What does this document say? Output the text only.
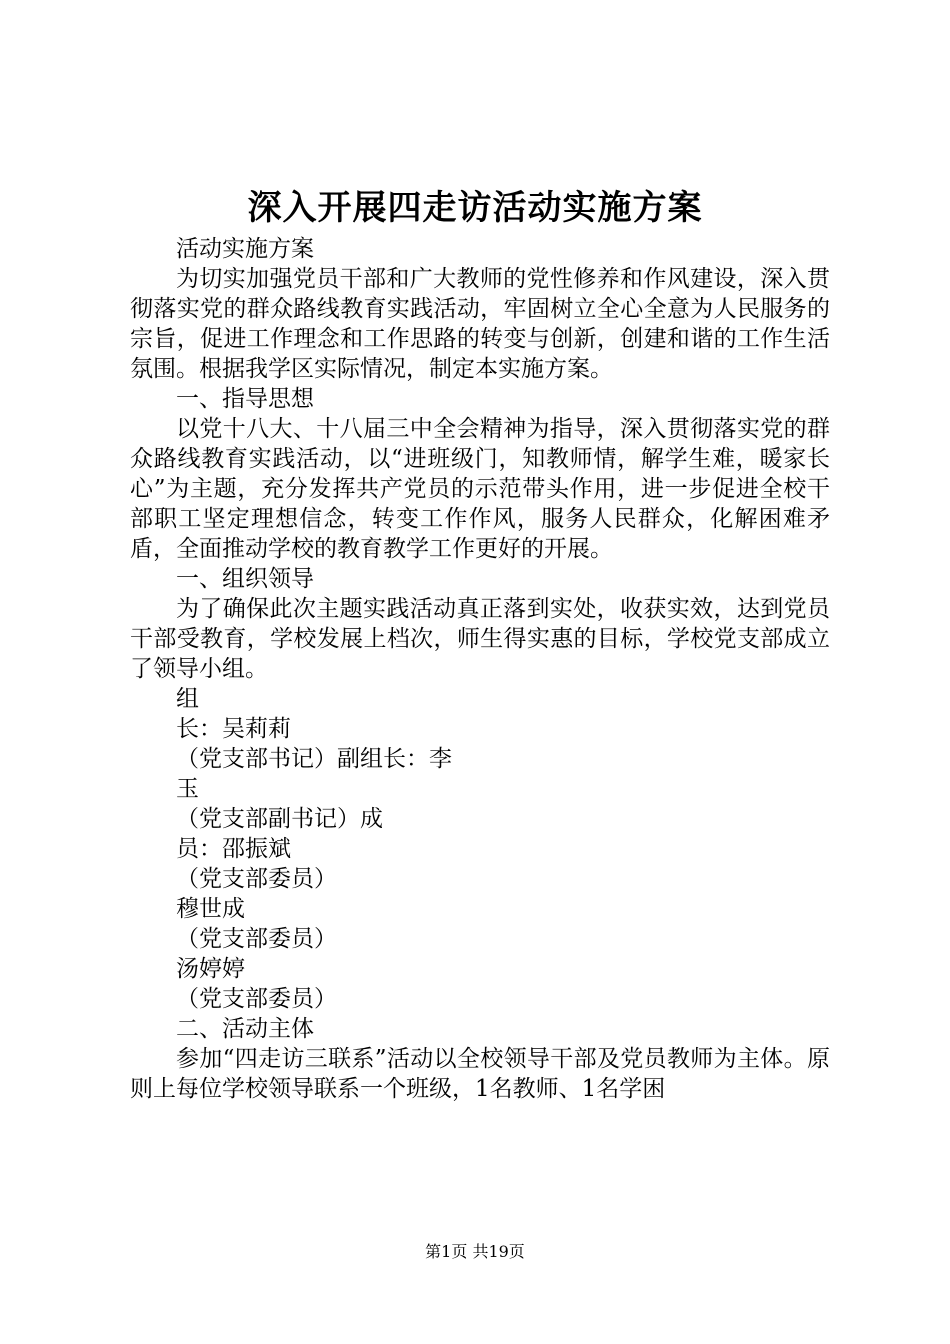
深入开展四走访活动实施方案

活动实施方案

为切实加强党员干部和广大教师的党性修养和作风建设，深入贯彻落实党的群众路线教育实践活动，牢固树立全心全意为人民服务的宗旨，促进工作理念和工作思路的转变与创新，创建和谐的工作生活氛围。根据我学区实际情况，制定本实施方案。

一、指导思想

以党十八大、十八届三中全会精神为指导，深入贯彻落实党的群众路线教育实践活动，以“进班级门，知教师情，解学生难，暖家长心”为主题，充分发挥共产党员的示范带头作用，进一步促进全校干部职工坚定理想信念，转变工作作风，服务人民群众，化解困难矛盾，全面推动学校的教育教学工作更好的开展。

一、组织领导

为了确保此次主题实践活动真正落到实处，收获实效，达到党员干部受教育，学校发展上档次，师生得实惠的目标，学校党支部成立了领导小组。

组

长：吴莉莉

（党支部书记）副组长：李

玉

（党支部副书记）成

员：邵振斌

（党支部委员）

穆世成

（党支部委员）

汤婷婷

（党支部委员）

二、活动主体

参加“四走访三联系”活动以全校领导干部及党员教师为主体。原则上每位学校领导联系一个班级，1名教师、1名学困

第1页 共19页
